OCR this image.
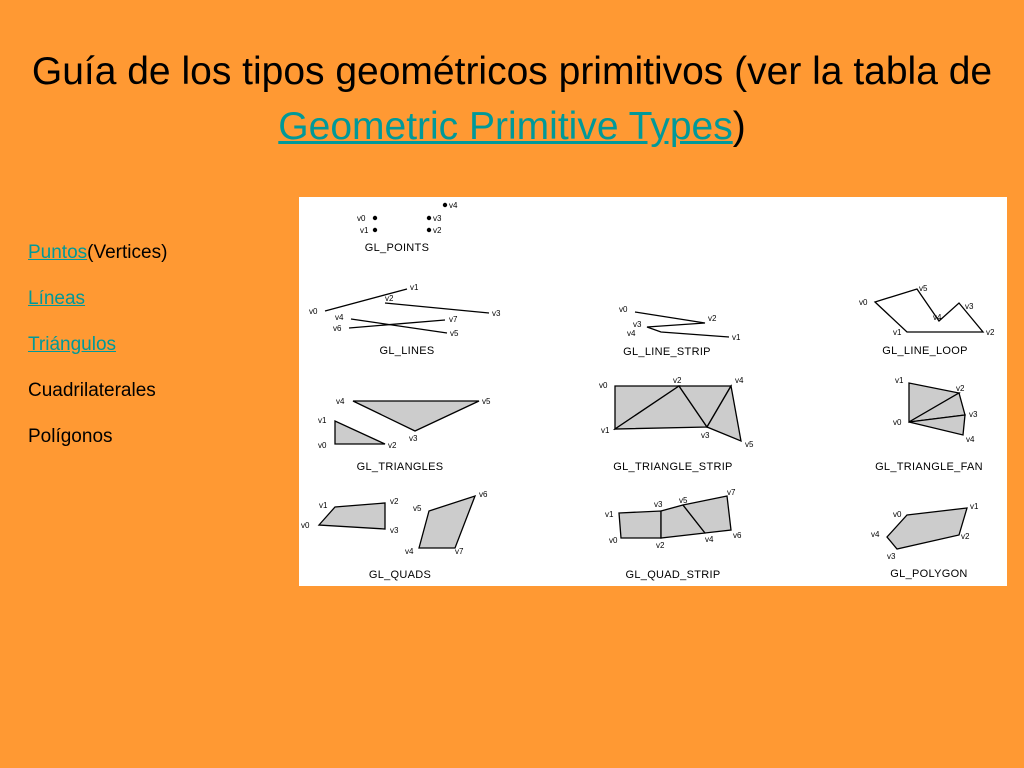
Guía de los tipos geométricos primitivos (ver la tabla de Geometric Primitive Types)
Puntos(Vertices)
Líneas
Triángulos
Cuadrilaterales
Polígonos
v0
v1	v2
v3
v4
GL_POINTS
v0
v1
v2
v3
v4
v5
v6
v7
GL_LINES
v0
v1
v2
v3
v4
GL_LINE_STRIP
v0
v1	v2
v3
v4
v5
GL_LINE_LOOP
v0
v1
v2
v3
v4	v5
GL_TRIANGLES
v0
v1
v2
v3
v4
v5
GL_TRIANGLE_STRIP
v0
v1
v2
v3
v4
GL_TRIANGLE_FAN
v0
v1	v2
v3
v4
v5
v6
v7
GL_QUADS
v0
v1
v2
v3
v4
v5
v6
v7
GL_QUAD_STRIP
v0
v1
v2
v3
v4
GL_POLYGON
